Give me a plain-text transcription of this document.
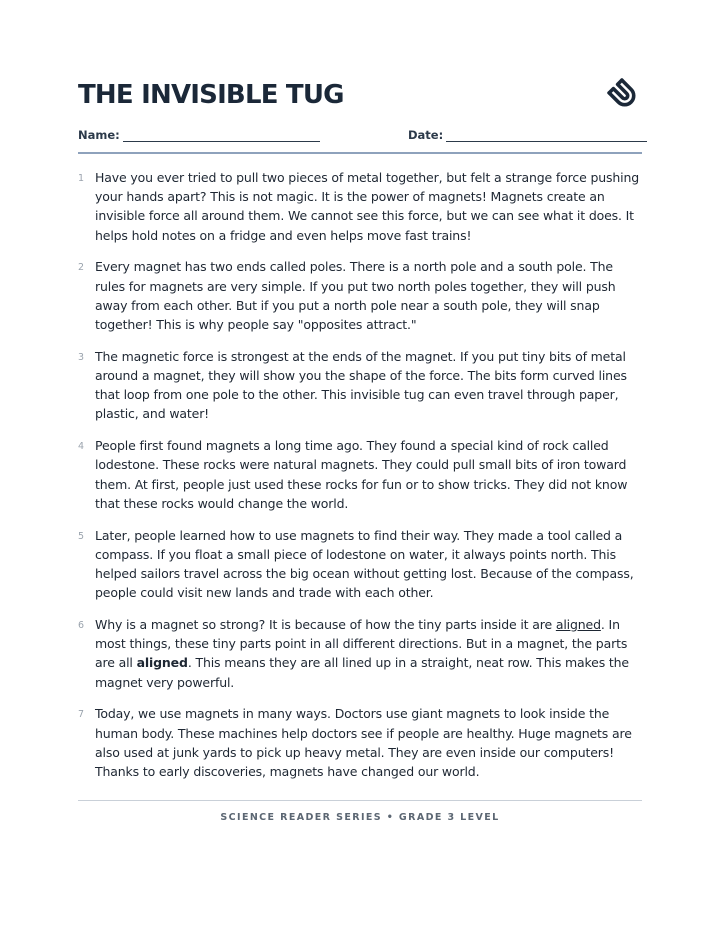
THE INVISIBLE TUG
Name:	Date:

1 Have you ever tried to pull two pieces of metal together, but felt a strange force pushing your hands apart? This is not magic. It is the power of magnets! Magnets create an invisible force all around them. We cannot see this force, but we can see what it does. It helps hold notes on a fridge and even helps move fast trains!

2 Every magnet has two ends called poles. There is a north pole and a south pole. The rules for magnets are very simple. If you put two north poles together, they will push away from each other. But if you put a north pole near a south pole, they will snap together! This is why people say "opposites attract."

3 The magnetic force is strongest at the ends of the magnet. If you put tiny bits of metal around a magnet, they will show you the shape of the force. The bits form curved lines that loop from one pole to the other. This invisible tug can even travel through paper, plastic, and water!

4 People first found magnets a long time ago. They found a special kind of rock called lodestone. These rocks were natural magnets. They could pull small bits of iron toward them. At first, people just used these rocks for fun or to show tricks. They did not know that these rocks would change the world.

5 Later, people learned how to use magnets to find their way. They made a tool called a compass. If you float a small piece of lodestone on water, it always points north. This helped sailors travel across the big ocean without getting lost. Because of the compass, people could visit new lands and trade with each other.

6 Why is a magnet so strong? It is because of how the tiny parts inside it are aligned. In most things, these tiny parts point in all different directions. But in a magnet, the parts are all aligned. This means they are all lined up in a straight, neat row. This makes the magnet very powerful.

7 Today, we use magnets in many ways. Doctors use giant magnets to look inside the human body. These machines help doctors see if people are healthy. Huge magnets are also used at junk yards to pick up heavy metal. They are even inside our computers! Thanks to early discoveries, magnets have changed our world.

SCIENCE READER SERIES • GRADE 3 LEVEL
